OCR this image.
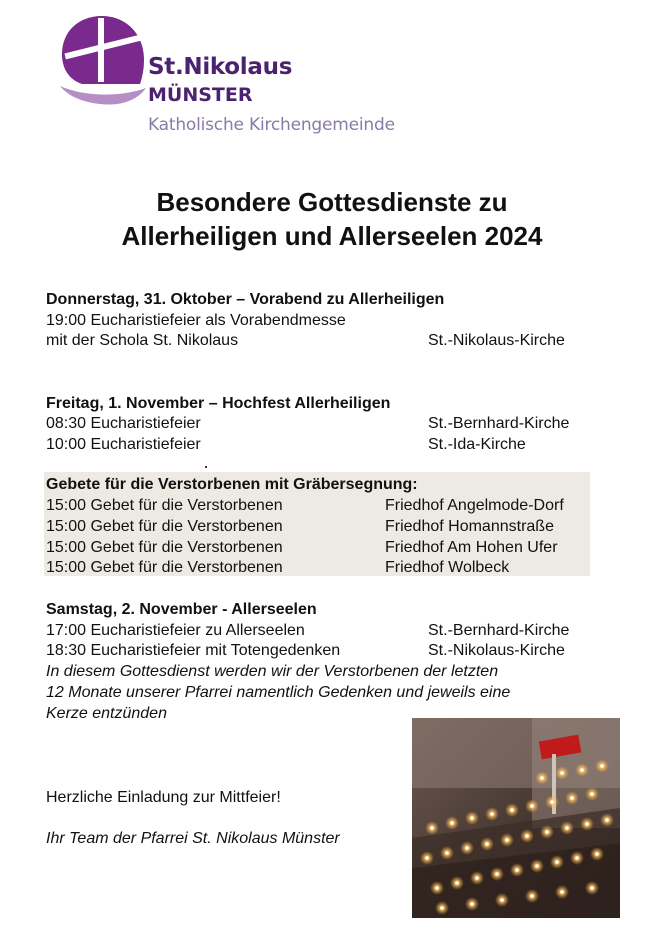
St.Nikolaus
MÜNSTER
Katholische Kirchengemeinde
Besondere Gottesdienste zu
Allerheiligen und Allerseelen 2024
Donnerstag, 31. Oktober – Vorabend zu Allerheiligen
19:00 Eucharistiefeier als Vorabendmesse
mit der Schola St. Nikolaus	St.-Nikolaus-Kirche
Freitag, 1. November – Hochfest Allerheiligen
08:30 Eucharistiefeier	St.-Bernhard-Kirche
10:00 Eucharistiefeier	St.-Ida-Kirche
Gebete für die Verstorbenen mit Gräbersegnung:
15:00 Gebet für die Verstorbenen	Friedhof Angelmode-Dorf
15:00 Gebet für die Verstorbenen	Friedhof Homannstraße
15:00 Gebet für die Verstorbenen	Friedhof Am Hohen Ufer
15:00 Gebet für die Verstorbenen	Friedhof Wolbeck
Samstag, 2. November - Allerseelen
17:00 Eucharistiefeier zu Allerseelen	St.-Bernhard-Kirche
18:30 Eucharistiefeier mit Totengedenken	St.-Nikolaus-Kirche
In diesem Gottesdienst werden wir der Verstorbenen der letzten
12 Monate unserer Pfarrei namentlich Gedenken und jeweils eine
Kerze entzünden
Herzliche Einladung zur Mittfeier!
Ihr Team der Pfarrei St. Nikolaus Münster
